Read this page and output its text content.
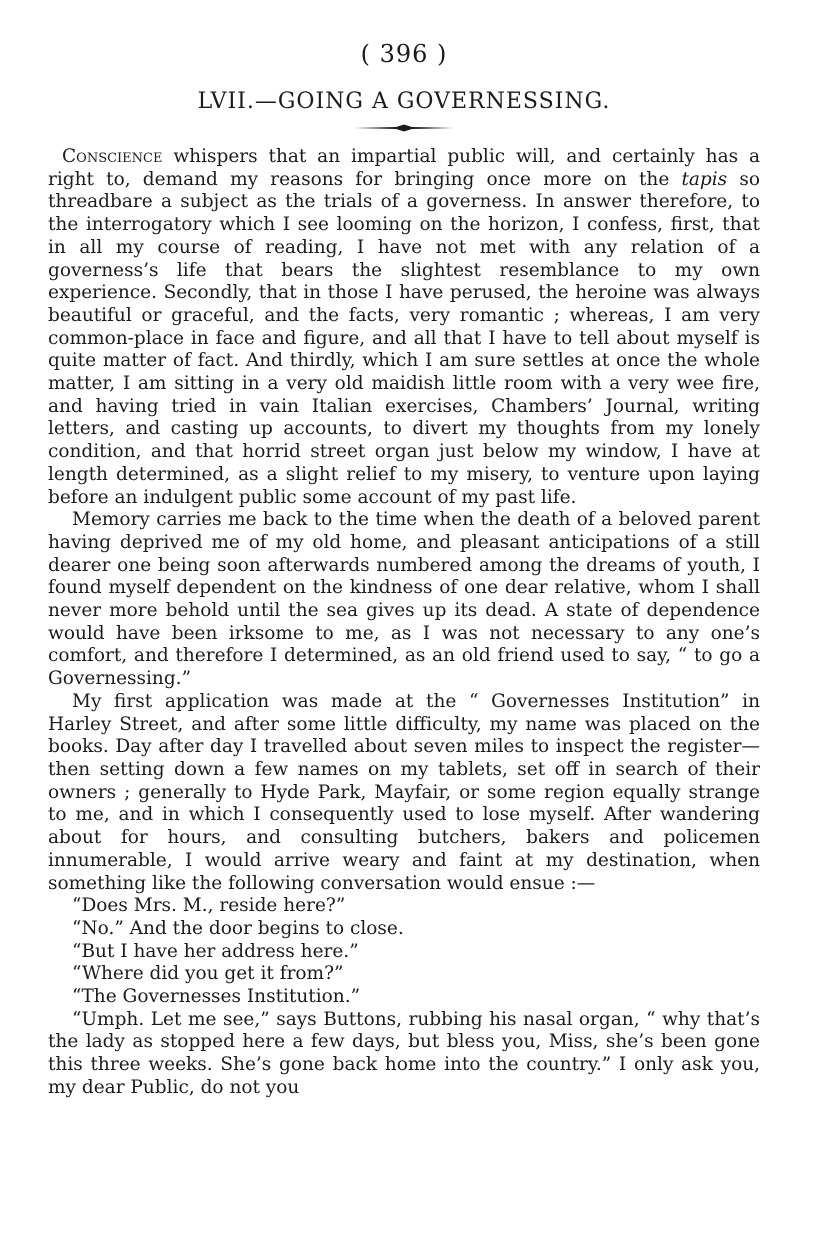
( 396 )
LVII.—GOING A GOVERNESSING.

Conscience whispers that an impartial public will, and certainly has a right to, demand my reasons for bringing once more on the tapis so threadbare a subject as the trials of a governess. In answer therefore, to the interrogatory which I see looming on the horizon, I confess, first, that in all my course of reading, I have not met with any relation of a governess’s life that bears the slightest resemblance to my own experience. Secondly, that in those I have perused, the heroine was always beautiful or graceful, and the facts, very romantic ; whereas, I am very common-place in face and figure, and all that I have to tell about myself is quite matter of fact. And thirdly, which I am sure settles at once the whole matter, I am sitting in a very old maidish little room with a very wee fire, and having tried in vain Italian exercises, Chambers’ Journal, writing letters, and casting up accounts, to divert my thoughts from my lonely condition, and that horrid street organ just below my window, I have at length determined, as a slight relief to my misery, to venture upon laying before an indulgent public some account of my past life.

Memory carries me back to the time when the death of a beloved parent having deprived me of my old home, and pleasant anticipations of a still dearer one being soon afterwards numbered among the dreams of youth, I found myself dependent on the kindness of one dear relative, whom I shall never more behold until the sea gives up its dead. A state of dependence would have been irksome to me, as I was not necessary to any one’s comfort, and therefore I determined, as an old friend used to say, “ to go a Governessing.”

My first application was made at the “ Governesses Institution” in Harley Street, and after some little difficulty, my name was placed on the books. Day after day I travelled about seven miles to inspect the register—then setting down a few names on my tablets, set off in search of their owners ; generally to Hyde Park, Mayfair, or some region equally strange to me, and in which I consequently used to lose myself. After wandering about for hours, and consulting butchers, bakers and policemen innumerable, I would arrive weary and faint at my destination, when something like the following conversation would ensue :—

“Does Mrs. M., reside here?”

“No.” And the door begins to close.

“But I have her address here.”

“Where did you get it from?”

“The Governesses Institution.”

“Umph. Let me see,” says Buttons, rubbing his nasal organ, “ why that’s the lady as stopped here a few days, but bless you, Miss, she’s been gone this three weeks. She’s gone back home into the country.” I only ask you, my dear Public, do not you
